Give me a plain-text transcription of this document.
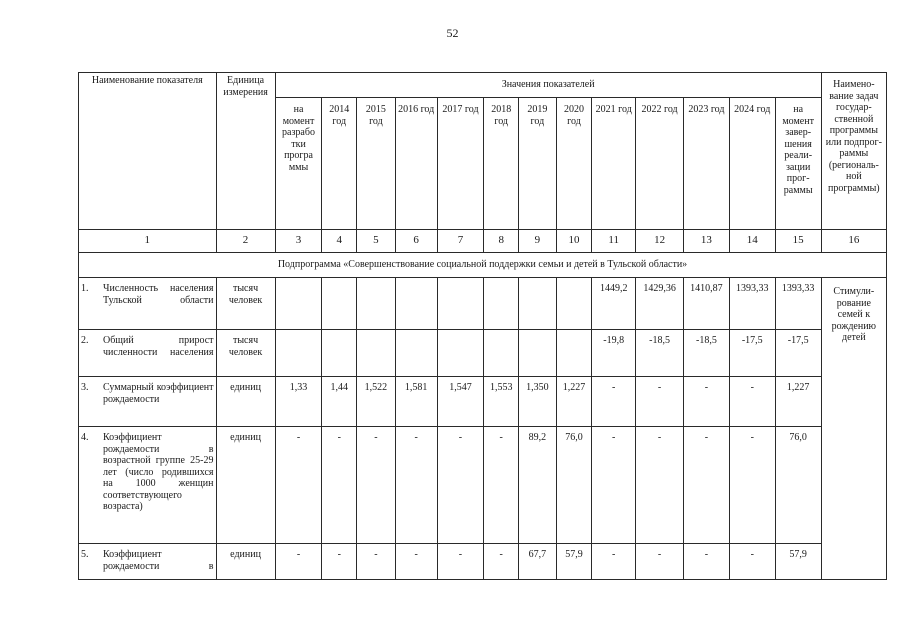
52
Наименование показателя	Единица измерения	Значения показателей													Наимено-вание задач государ-ственной программы или подпрог-раммы (региональ-ной программы)
		на момент разрабо тки програ ммы	2014 год	2015 год	2016 год	2017 год	2018 год	2019 год	2020 год	2021 год	2022 год	2023 год	2024 год	на момент завер-шения реали-зации прог-раммы	
1	2	3	4	5	6	7	8	9	10	11	12	13	14	15	16
Подпрограмма «Совершенствование социальной поддержки семьи и детей в Тульской области»															

1. Численность населения Тульской области	тысяч человек									1449,2	1429,36	1410,87	1393,33	1393,33	Стимули-рование семей к рождению детей

2. Общий прирост численности населения	тысяч человек									-19,8	-18,5	-18,5	-17,5	-17,5	

3. Суммарный коэффициент рождаемости	единиц	1,33	1,44	1,522	1,581	1,547	1,553	1,350	1,227	-	-	-	-	1,227	

4. Коэффициент рождаемости в возрастной группе 25-29 лет (число родившихся на 1000 женщин соответствующего возраста)	единиц	-	-	-	-	-	-	89,2	76,0	-	-	-	-	76,0	

5. Коэффициент рождаемости в	единиц	-	-	-	-	-	-	67,7	57,9	-	-	-	-	57,9	
